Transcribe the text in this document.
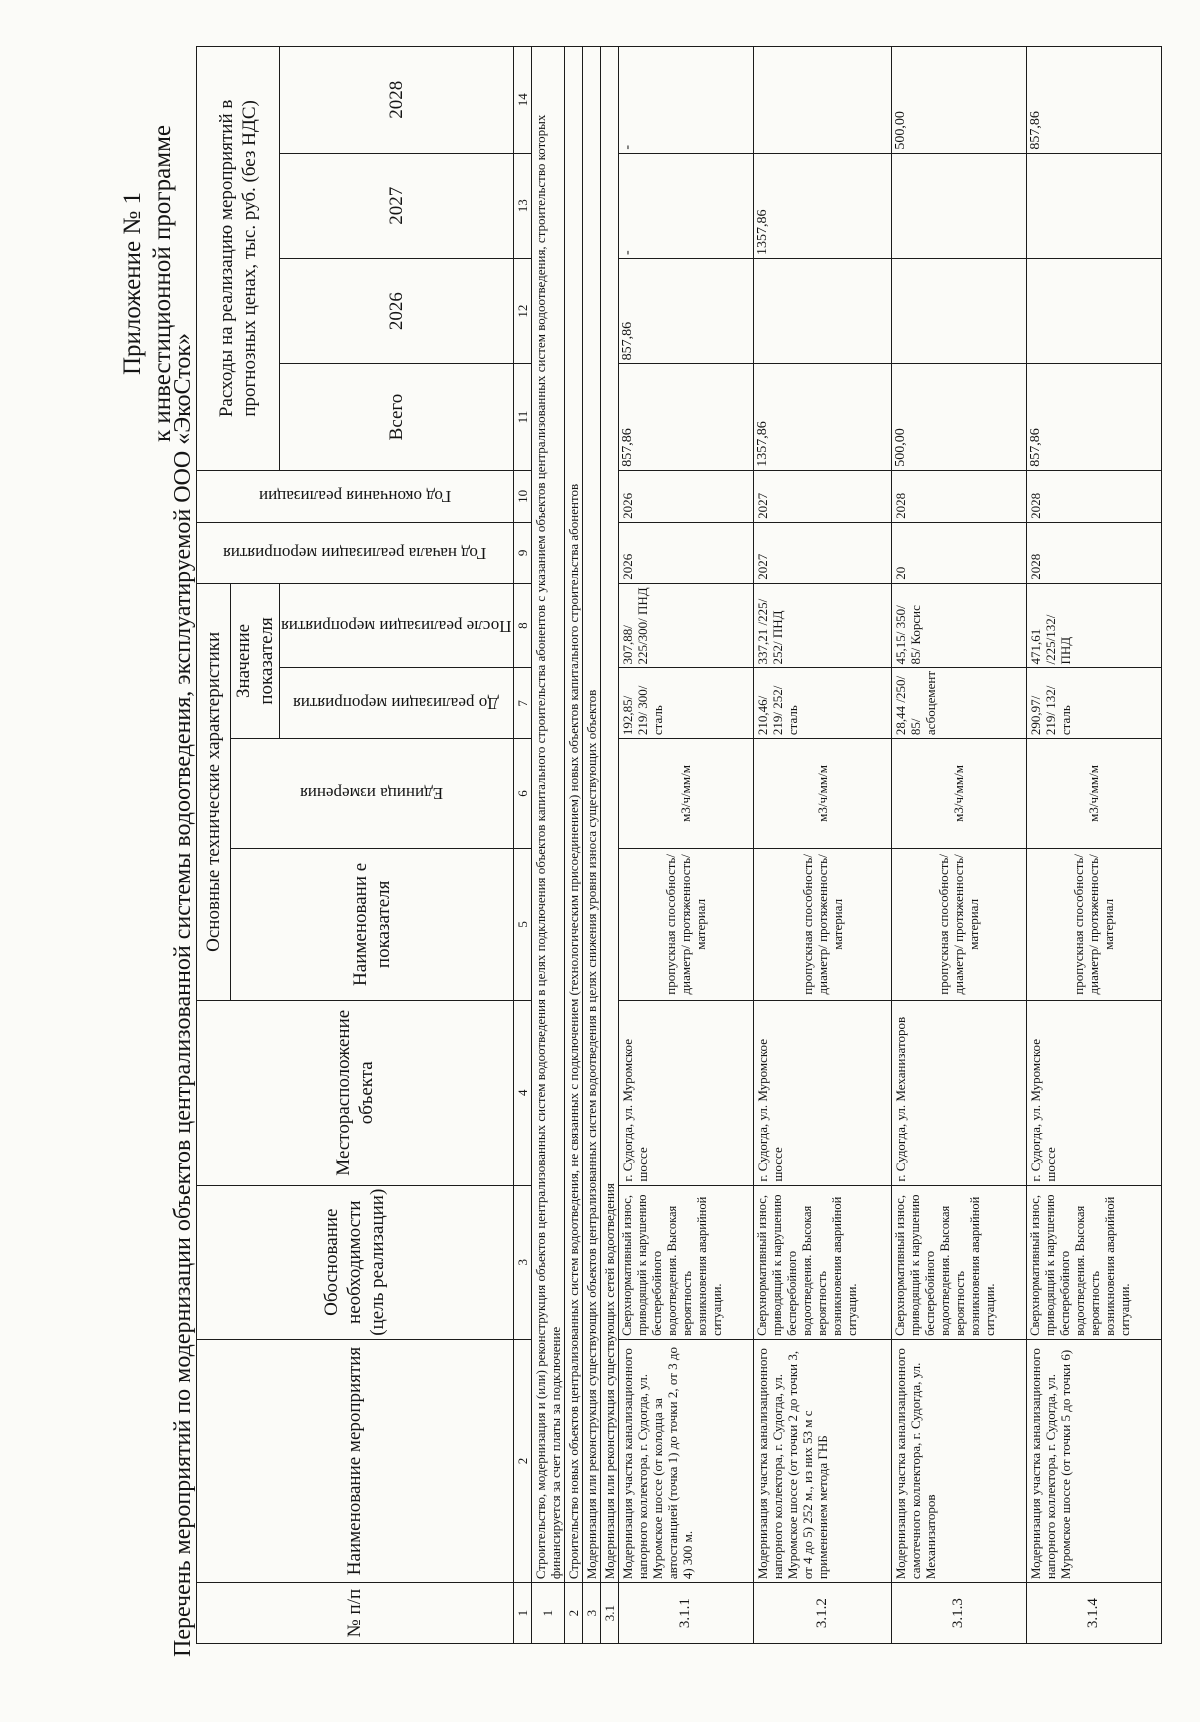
Приложение № 1 к инвестиционной программе
Перечень мероприятий по модернизации объектов централизованной системы водоотведения, эксплуатируемой ООО «ЭкоСток»	№ п/п	Наименование мероприятия	Обоснование необходимости (цель реализации)	Месторасположение объекта	Основные технические характеристики				Год начала реализации мероприятия	Год окончания реализации	Расходы на реализацию мероприятий в прогнозных ценах, тыс. руб. (без НДС)			
				Наименовани е показателя	Единица измерения	Значение показателя							

						До реализации мероприятия	После реализации мероприятия			Всего	2026	2027	2028
1	2	3	4	5	6	7	8	9	10	11	12	13	14
1	Строительство, модернизация и (или) реконструкция объектов централизованных систем водоотведения в целях подключения объектов капитального строительства абонентов с указанием объектов централизованных систем водоотведения, строительство которых финансируется за счет платы за подключение												
2	Строительство новых объектов централизованных систем водоотведения, не связанных с подключением (технологическим присоединением) новых объектов капитального строительства абонентов												
3	Модернизация или реконструкция существующих объектов централизованных систем водоотведения в целях снижения уровня износа существующих объектов												
3.1	Модернизация или реконструкция существующих сетей водоотведения												
3.1.1	Модернизация участка канализационного напорного коллектора, г. Судогда, ул. Муромское шоссе (от колодца за автостанцией (точка 1) до точки 2, от 3 до 4) 300 м.	Сверхнормативный износ, приводящий к нарушению бесперебойного водоотведения. Высокая вероятность возникновения аварийной ситуации.	г. Судогда, ул. Муромское шоссе	пропускная способность/ диаметр/ протяженность/ материал	м3/ч/мм/м	192,85/ 219/ 300/ сталь	307,88/ 225/300/ ПНД	2026	2026	857,86	857,86	-	-
3.1.2	Модернизация участка канализационного напорного коллектора, г. Судогда, ул. Муромское шоссе (от точки 2 до точки 3, от 4 до 5) 252 м., из них 53 м с применением метода ГНБ	Сверхнормативный износ, приводящий к нарушению бесперебойного водоотведения. Высокая вероятность возникновения аварийной ситуации.	г. Судогда, ул. Муромское шоссе	пропускная способность/ диаметр/ протяженность/ материал	м3/ч/мм/м	210,46/ 219/ 252/ сталь	337,21 /225/ 252/ ПНД	2027	2027	1357,86		1357,86	
3.1.3	Модернизация участка канализационного самотечного коллектора, г. Судогда, ул. Механизаторов	Сверхнормативный износ, приводящий к нарушению бесперебойного водоотведения. Высокая вероятность возникновения аварийной ситуации.	г. Судогда, ул. Механизаторов	пропускная способность/ диаметр/ протяженность/ материал	м3/ч/мм/м	28,44 /250/ 85/ асбоцемент	45,15/ 350/ 85/ Корсис	20	2028	500,00			500,00
3.1.4	Модернизация участка канализационного напорного коллектора, г. Судогда, ул. Муромское шоссе (от точки 5 до точки 6)	Сверхнормативный износ, приводящий к нарушению бесперебойного водоотведения. Высокая вероятность возникновения аварийной ситуации.	г. Судогда, ул. Муромское шоссе	пропускная способность/ диаметр/ протяженность/ материал	м3/ч/мм/м	290,97/ 219/ 132/ сталь	471,61 /225/132/ ПНД	2028	2028	857,86			857,86
